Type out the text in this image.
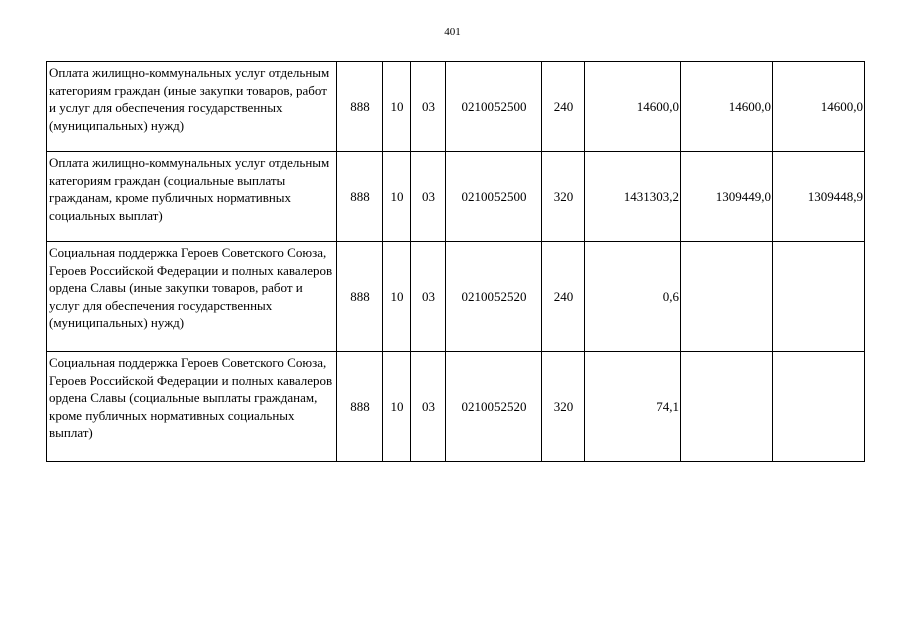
401
Оплата жилищно-коммунальных услуг отдельным категориям граждан (иные закупки товаров, работ и услуг для обеспечения государственных (муниципальных) нужд)	888	10	03	0210052500	240	14600,0	14600,0	14600,0
Оплата жилищно-коммунальных услуг отдельным категориям граждан (социальные выплаты гражданам, кроме публичных нормативных социальных выплат)	888	10	03	0210052500	320	1431303,2	1309449,0	1309448,9
Социальная поддержка Героев Советского Союза, Героев Российской Федерации и полных кавалеров ордена Славы (иные закупки товаров, работ и услуг для обеспечения государственных (муниципальных) нужд)	888	10	03	0210052520	240	0,6		
Социальная поддержка Героев Советского Союза, Героев Российской Федерации и полных кавалеров ордена Славы (социальные выплаты гражданам, кроме публичных нормативных социальных выплат)	888	10	03	0210052520	320	74,1		
